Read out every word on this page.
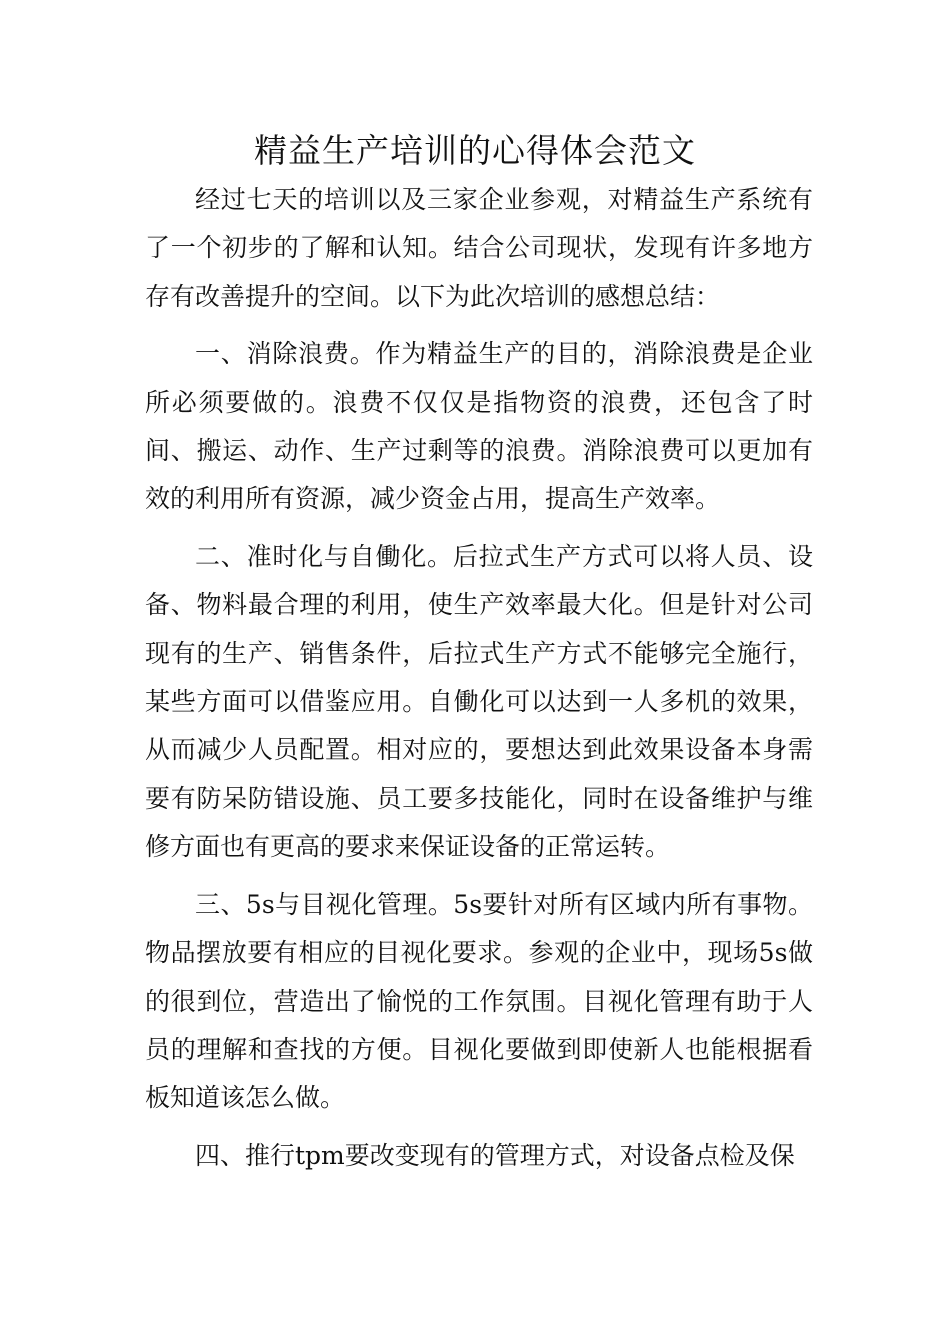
精益生产培训的心得体会范文

经过七天的培训以及三家企业参观，对精益生产系统有了一个初步的了解和认知。结合公司现状，发现有许多地方存有改善提升的空间。以下为此次培训的感想总结：

一、消除浪费。作为精益生产的目的，消除浪费是企业所必须要做的。浪费不仅仅是指物资的浪费，还包含了时间、搬运、动作、生产过剩等的浪费。消除浪费可以更加有效的利用所有资源，减少资金占用，提高生产效率。

二、准时化与自働化。后拉式生产方式可以将人员、设备、物料最合理的利用，使生产效率最大化。但是针对公司现有的生产、销售条件，后拉式生产方式不能够完全施行，某些方面可以借鉴应用。自働化可以达到一人多机的效果，从而减少人员配置。相对应的，要想达到此效果设备本身需要有防呆防错设施、员工要多技能化，同时在设备维护与维修方面也有更高的要求来保证设备的正常运转。

三、5s与目视化管理。5s要针对所有区域内所有事物。物品摆放要有相应的目视化要求。参观的企业中，现场5s做的很到位，营造出了愉悦的工作氛围。目视化管理有助于人员的理解和查找的方便。目视化要做到即使新人也能根据看板知道该怎么做。

四、推行tpm要改变现有的管理方式，对设备点检及保
